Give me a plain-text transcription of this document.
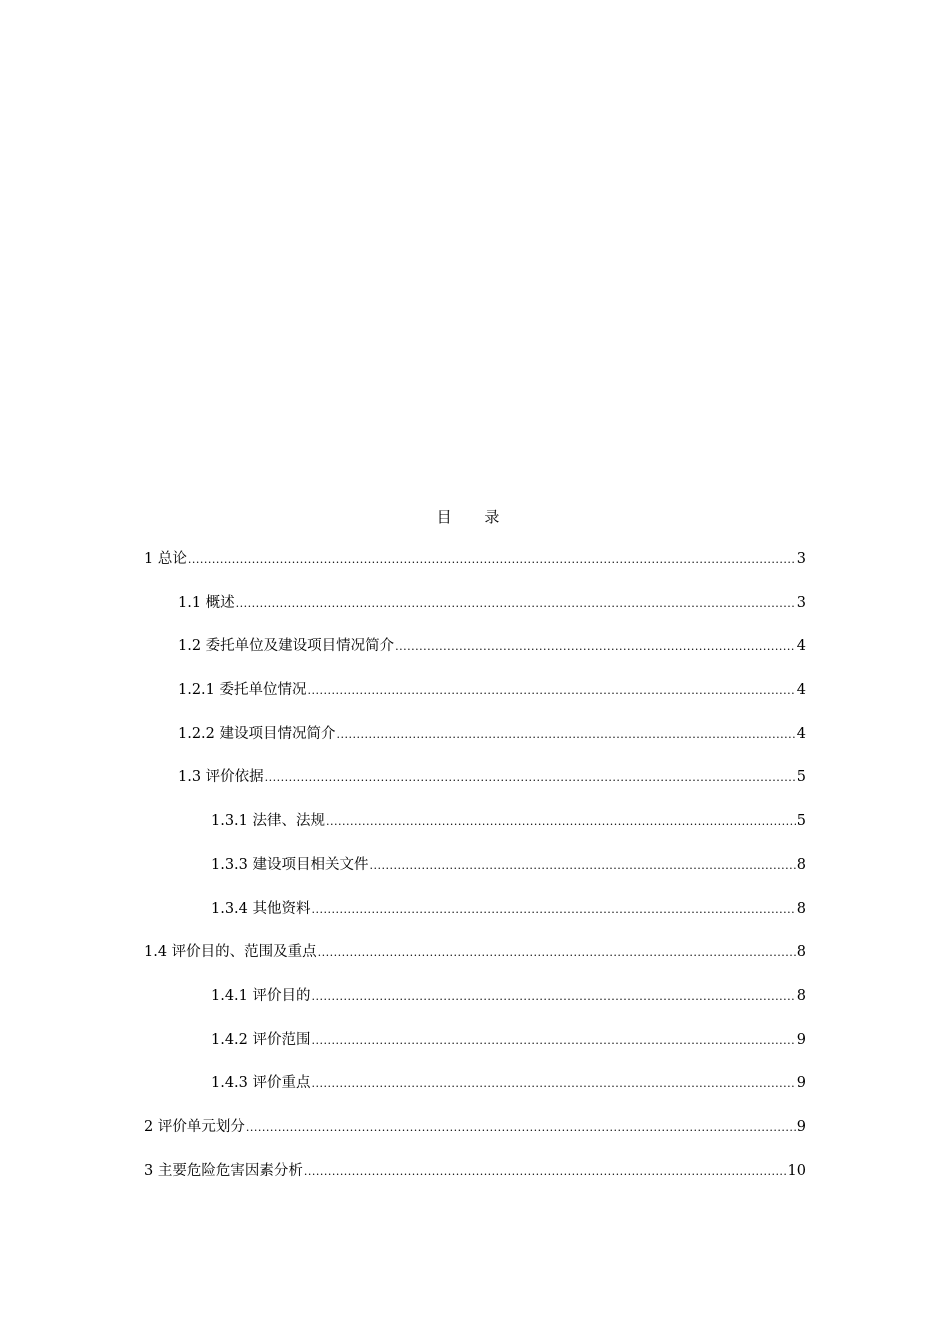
目 录
1 总论 .....	3
1.1 概述 .....	3
1.2 委托单位及建设项目情况简介 .....	4
1.2.1 委托单位情况 .....	4
1.2.2 建设项目情况简介 .....	4
1.3 评价依据 .....	5
1.3.1 法律、法规 .....	5
1.3.3 建设项目相关文件 .....	8
1.3.4 其他资料 .....	8
1.4 评价目的、范围及重点 .....	8
1.4.1 评价目的 .....	8
1.4.2 评价范围 .....	9
1.4.3 评价重点 .....	9
2 评价单元划分 .....	9
3 主要危险危害因素分析 .....	10
